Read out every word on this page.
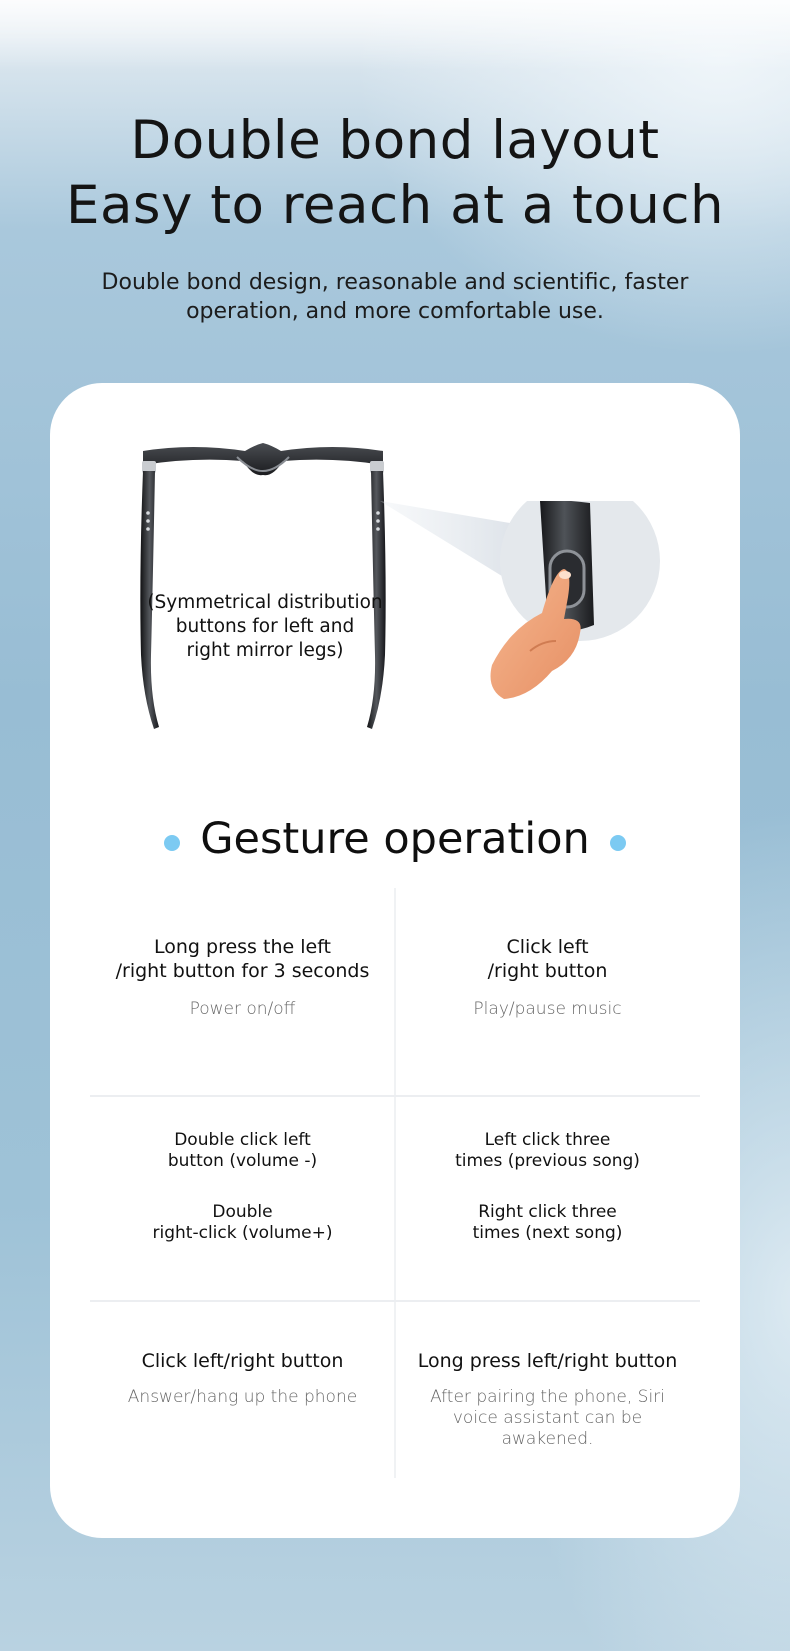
Double bond layout
Easy to reach at a touch
Double bond design, reasonable and scientific, faster
operation, and more comfortable use.
(Symmetrical distribution
buttons for left and
right mirror legs)
Gesture operation
Long press the left
/right button for 3 seconds
Power on/off
Click left
/right button
Play/pause music
Double click left
button (volume -)
Double
right-click (volume+)
Left click three
times (previous song)
Right click three
times (next song)
Click left/right button
Answer/hang up the phone
Long press left/right button
After pairing the phone, Siri
voice assistant can be
awakened.
